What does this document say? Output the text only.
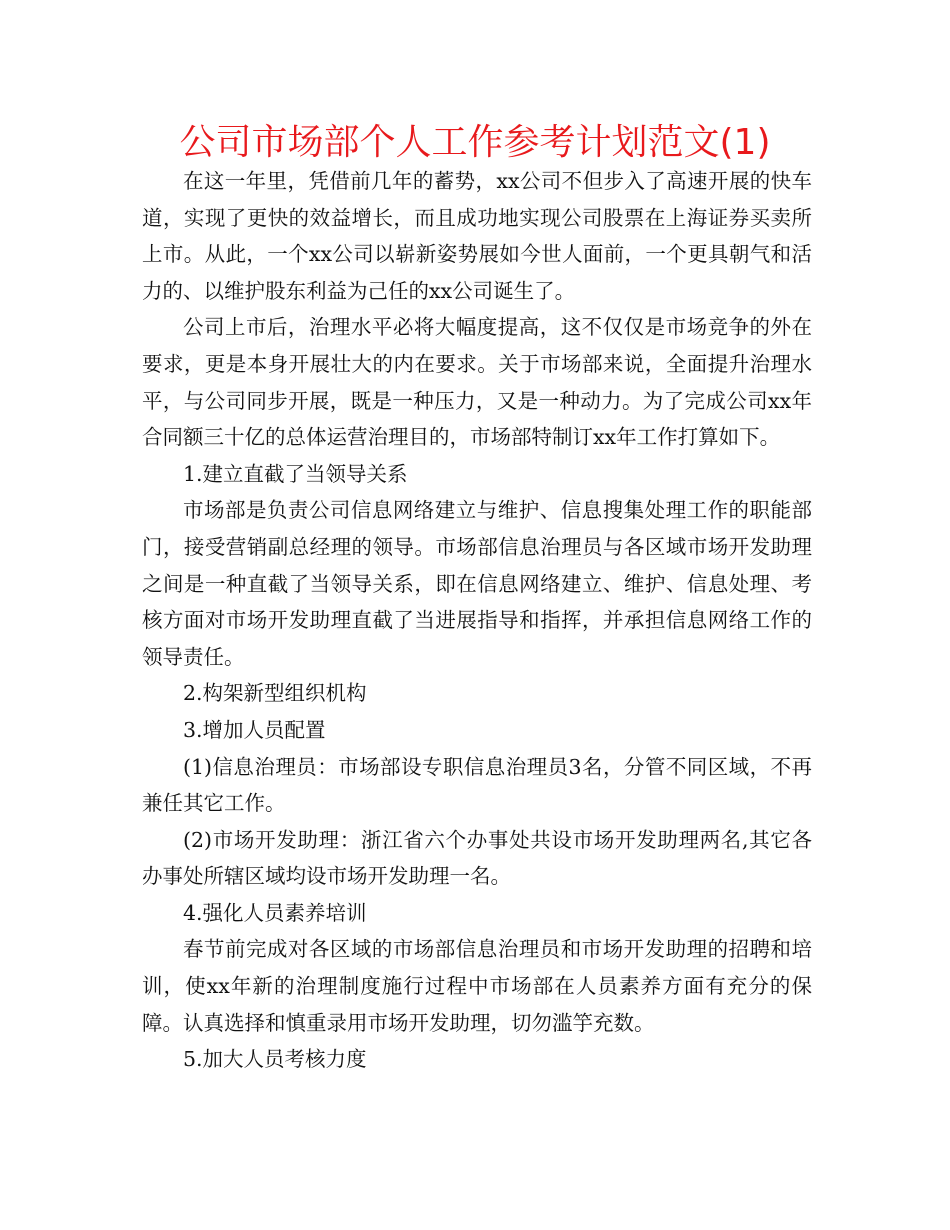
公司市场部个人工作参考计划范文(1)

在这一年里，凭借前几年的蓄势，xx公司不但步入了高速开展的快车道，实现了更快的效益增长，而且成功地实现公司股票在上海证券买卖所上市。从此，一个xx公司以崭新姿势展如今世人面前，一个更具朝气和活力的、以维护股东利益为己任的xx公司诞生了。

公司上市后，治理水平必将大幅度提高，这不仅仅是市场竞争的外在要求，更是本身开展壮大的内在要求。关于市场部来说，全面提升治理水平，与公司同步开展，既是一种压力，又是一种动力。为了完成公司xx年合同额三十亿的总体运营治理目的，市场部特制订xx年工作打算如下。

1.建立直截了当领导关系

市场部是负责公司信息网络建立与维护、信息搜集处理工作的职能部门，接受营销副总经理的领导。市场部信息治理员与各区域市场开发助理之间是一种直截了当领导关系，即在信息网络建立、维护、信息处理、考核方面对市场开发助理直截了当进展指导和指挥，并承担信息网络工作的领导责任。

2.构架新型组织机构

3.增加人员配置

(1)信息治理员：市场部设专职信息治理员3名，分管不同区域，不再兼任其它工作。

(2)市场开发助理：浙江省六个办事处共设市场开发助理两名,其它各办事处所辖区域均设市场开发助理一名。

4.强化人员素养培训

春节前完成对各区域的市场部信息治理员和市场开发助理的招聘和培训，使xx年新的治理制度施行过程中市场部在人员素养方面有充分的保障。认真选择和慎重录用市场开发助理，切勿滥竽充数。

5.加大人员考核力度
